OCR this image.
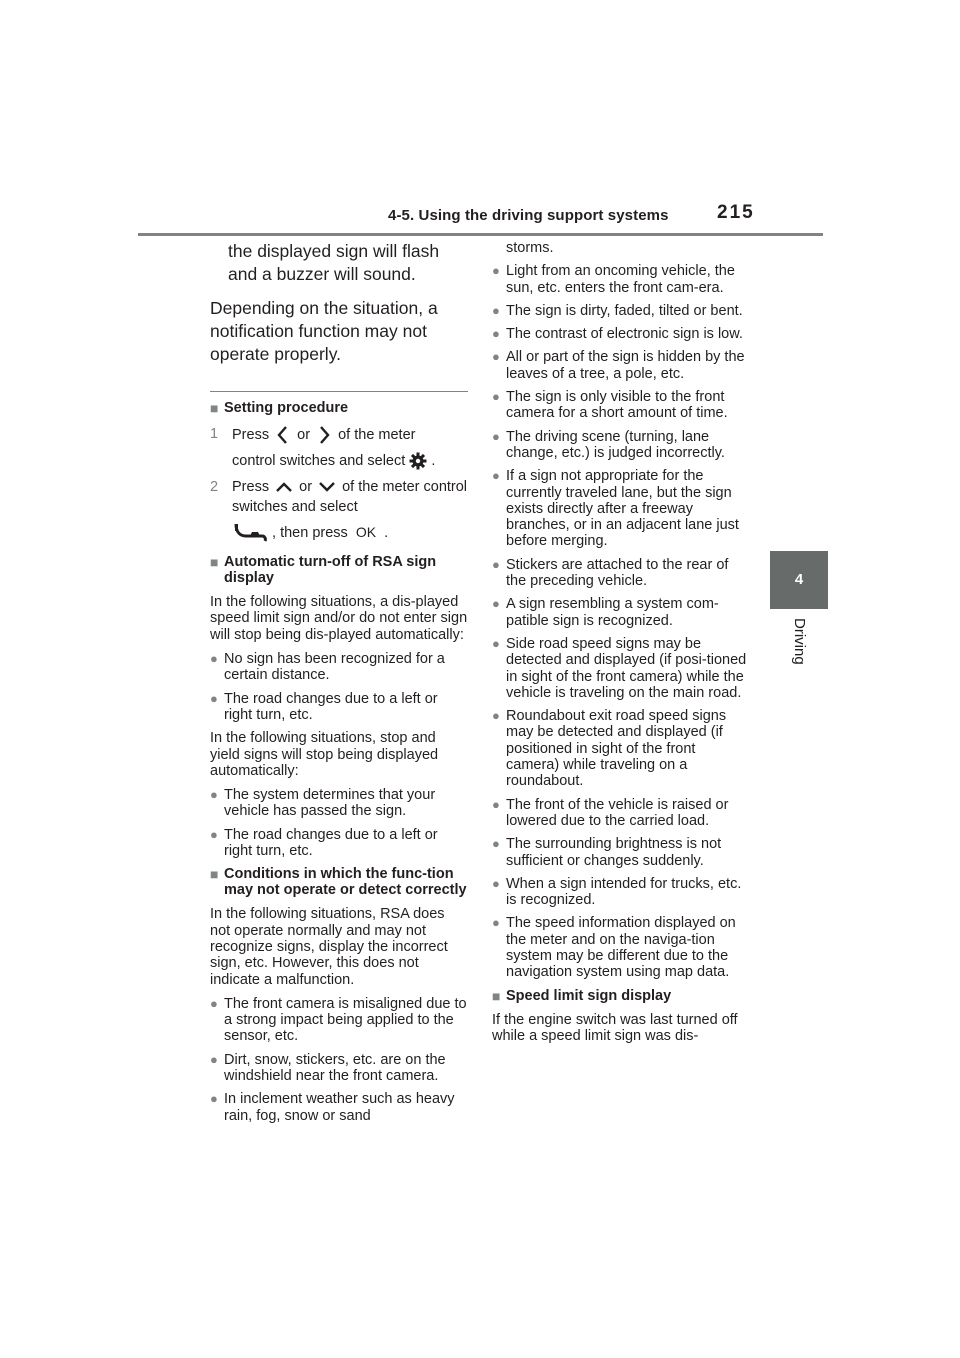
4-5. Using the driving support systems	215
4
Driving

the displayed sign will flash and a buzzer will sound.

Depending on the situation, a notification function may not operate properly.

■ Setting procedure
1 Press or of the meter
control switches and select .
2 Press or of the meter control switches and select
, then press OK .
■ Automatic turn-off of RSA sign display

In the following situations, a dis-played speed limit sign and/or do not enter sign will stop being dis-played automatically:

● No sign has been recognized for a certain distance.
● The road changes due to a left or right turn, etc.

In the following situations, stop and yield signs will stop being displayed automatically:

● The system determines that your vehicle has passed the sign.
● The road changes due to a left or right turn, etc.
■ Conditions in which the func-tion may not operate or detect correctly

In the following situations, RSA does not operate normally and may not recognize signs, display the incorrect sign, etc. However, this does not indicate a malfunction.

● The front camera is misaligned due to a strong impact being applied to the sensor, etc.
● Dirt, snow, stickers, etc. are on the windshield near the front camera.
● In inclement weather such as heavy rain, fog, snow or sand
storms.
● Light from an oncoming vehicle, the sun, etc. enters the front cam-era.
● The sign is dirty, faded, tilted or bent.
● The contrast of electronic sign is low.
● All or part of the sign is hidden by the leaves of a tree, a pole, etc.
● The sign is only visible to the front camera for a short amount of time.
● The driving scene (turning, lane change, etc.) is judged incorrectly.
● If a sign not appropriate for the currently traveled lane, but the sign exists directly after a freeway branches, or in an adjacent lane just before merging.
● Stickers are attached to the rear of the preceding vehicle.
● A sign resembling a system com-patible sign is recognized.
● Side road speed signs may be detected and displayed (if posi-tioned in sight of the front camera) while the vehicle is traveling on the main road.
● Roundabout exit road speed signs may be detected and displayed (if positioned in sight of the front camera) while traveling on a roundabout.
● The front of the vehicle is raised or lowered due to the carried load.
● The surrounding brightness is not sufficient or changes suddenly.
● When a sign intended for trucks, etc. is recognized.
● The speed information displayed on the meter and on the naviga-tion system may be different due to the navigation system using map data.
■ Speed limit sign display

If the engine switch was last turned off while a speed limit sign was dis-
